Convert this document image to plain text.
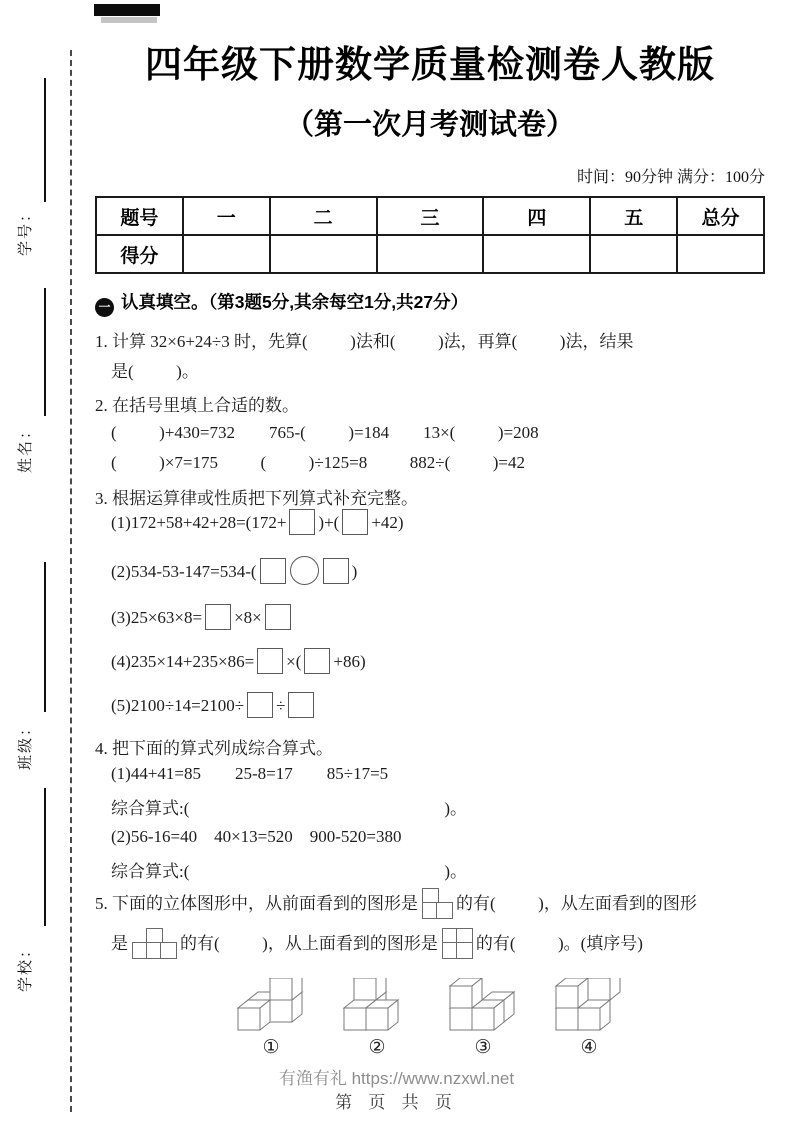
学号：
姓名：
班级：
学校：
四年级下册数学质量检测卷人教版
（第一次月考测试卷）
时间：90分钟 满分：100分
题号	一	二	三	四	五	总分
得分						
一 认真填空。（第3题5分,其余每空1分,共27分）
1. 计算 32×6+24÷3 时，先算(          )法和(          )法，再算(          )法，结果
是(          )。
2. 在括号里填上合适的数。
(          )+430=732        765-(          )=184        13×(          )=208
(          )×7=175          (          )÷125=8          882÷(          )=42
3. 根据运算律或性质把下列算式补充完整。
(1)172+58+42+28=(172+ )+( +42)
(2)534-53-147=534-(	)
(3)25×63×8= ×8×
(4)235×14+235×86= ×( +86)
(5)2100÷14=2100÷ ÷
4. 把下面的算式列成综合算式。
(1)44+41=85        25-8=17        85÷17=5
综合算式:(                                                            )。
(2)56-16=40    40×13=520    900-520=380
综合算式:(                                                            )。
5. 下面的立体图形中，从前面看到的图形是 的有(          )，从左面看到的图形
是	的有(          )，从上面看到的图形是 的有(          )。(填序号)
①	②	③	④
有渔有礼 https://www.nzxwl.net
第 页 共 页
